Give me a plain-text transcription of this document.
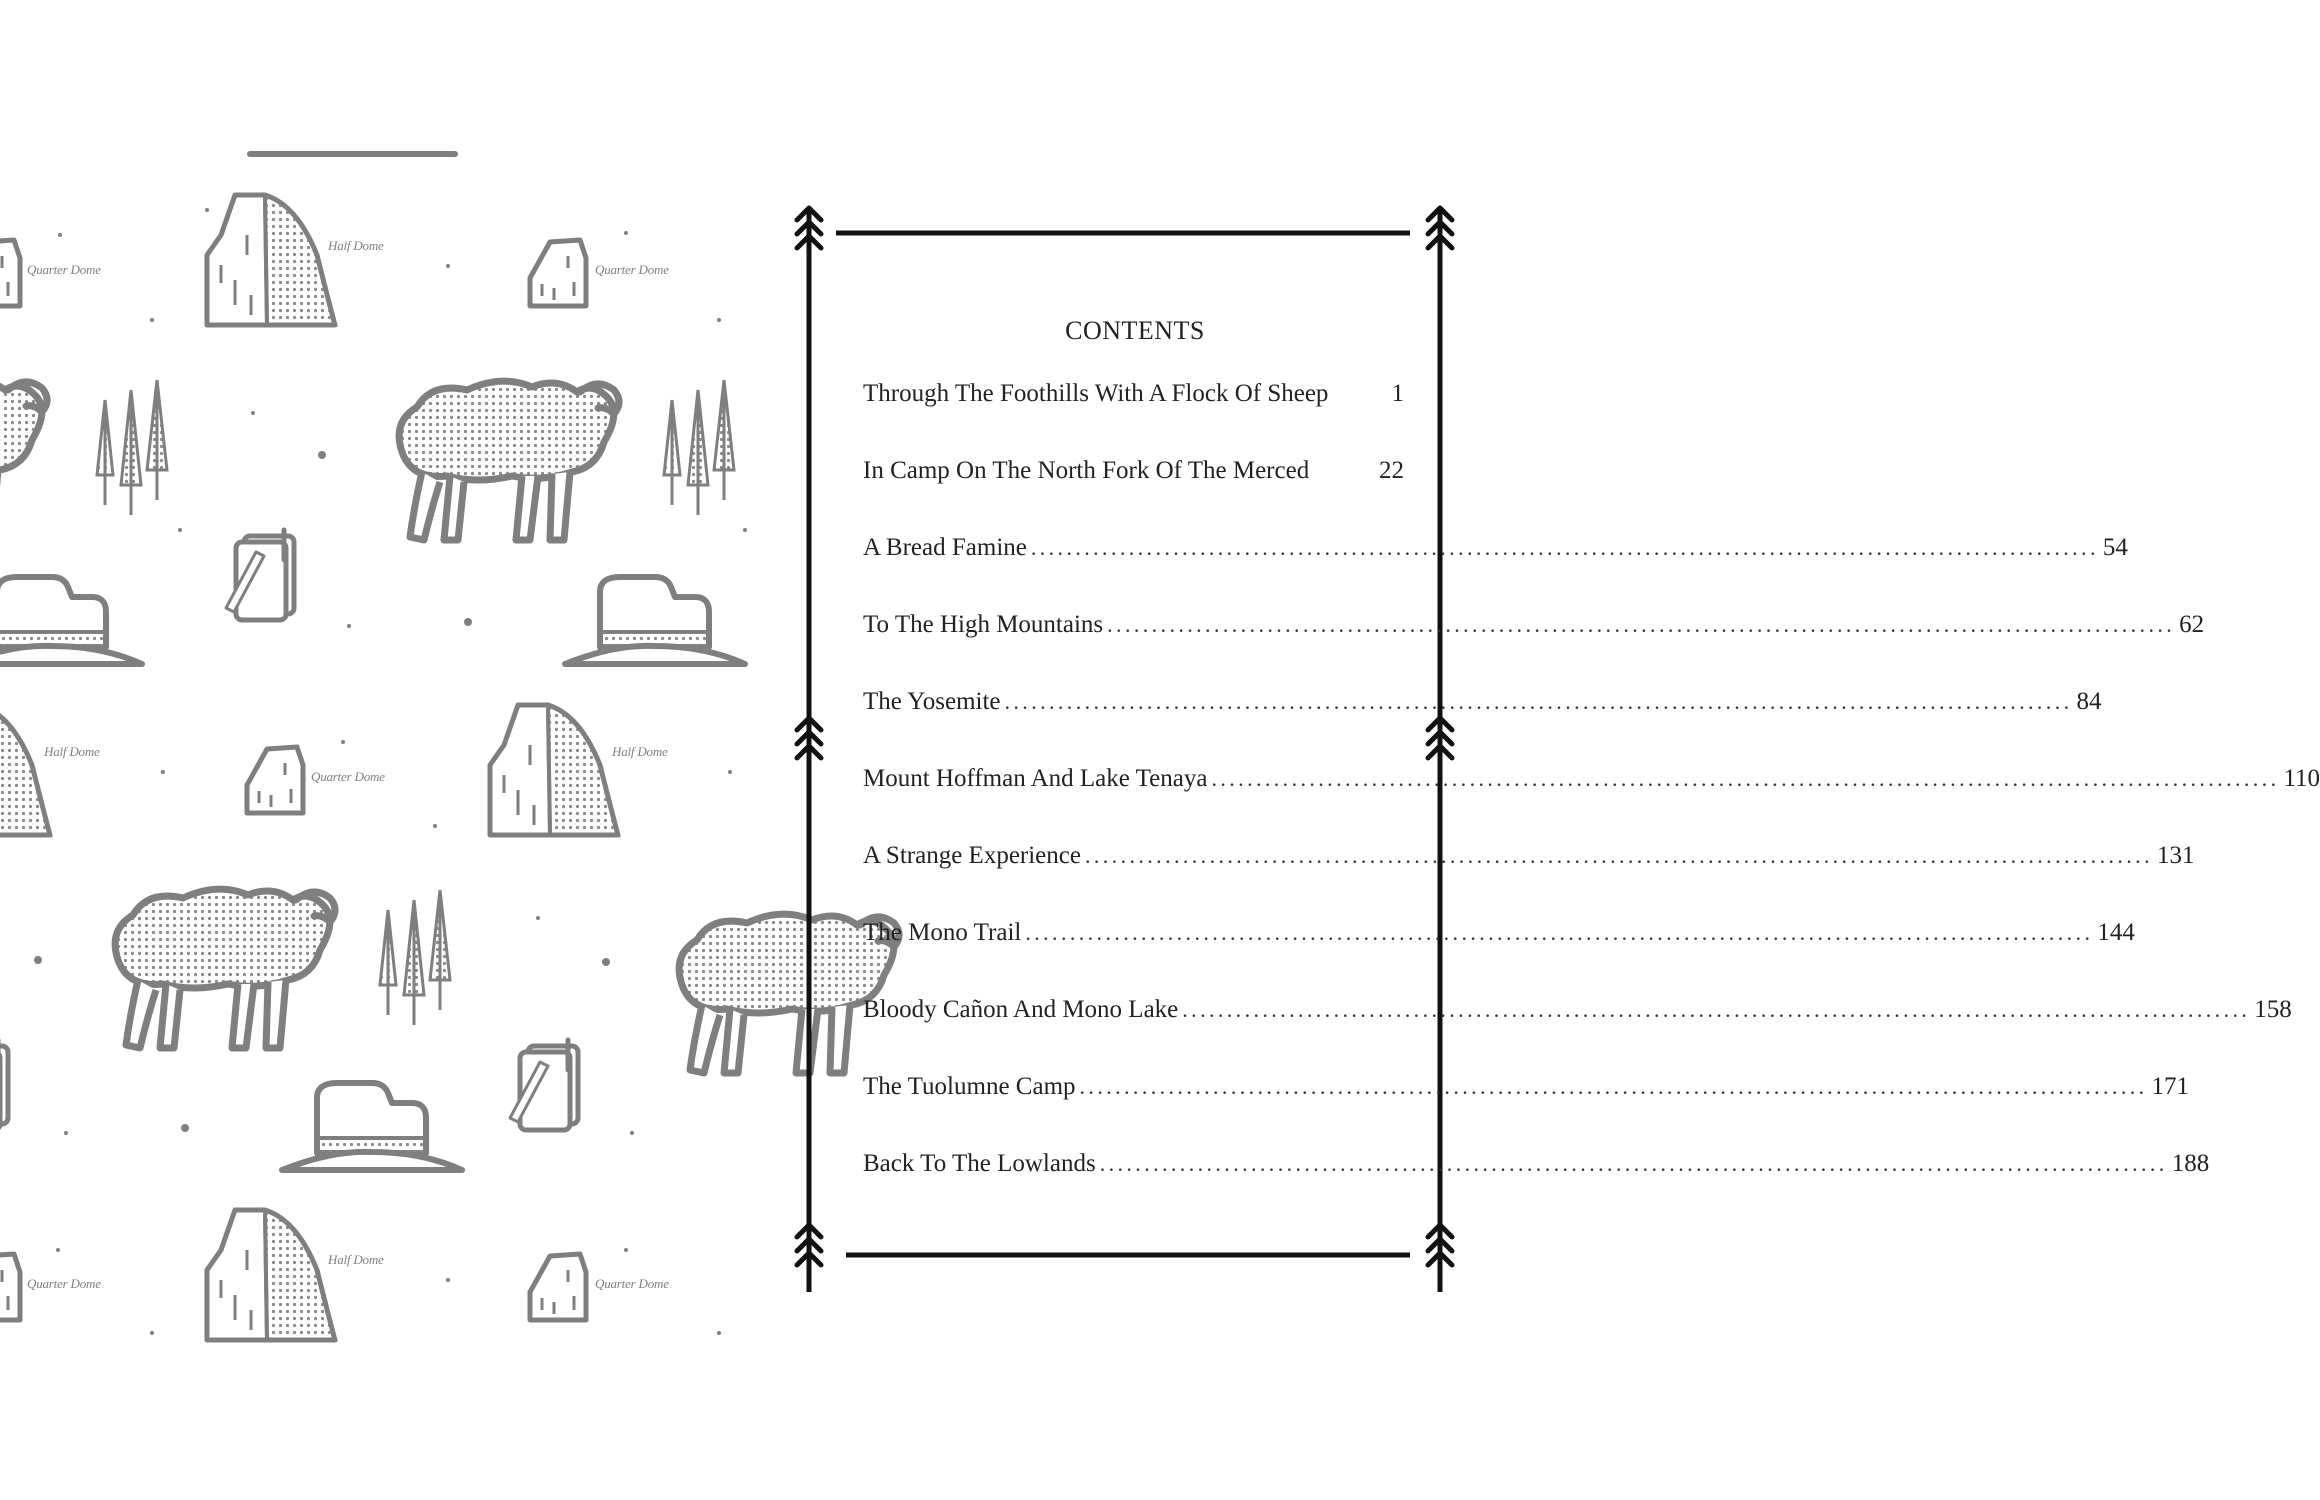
Quarter Dome
Half Dome
Quarter Dome
Half Dome
Quarter Dome
Half Dome
Quarter Dome
Half Dome
Quarter Dome
CONTENTS
Through The Foothills With A Flock Of Sheep	1
In Camp On The North Fork Of The Merced	22
A Bread Famine ........................................................................................................................ 54
To The High Mountains ........................................................................................................................ 62
The Yosemite ........................................................................................................................ 84
Mount Hoffman And Lake Tenaya ........................................................................................................................ 110
A Strange Experience ........................................................................................................................ 131
The Mono Trail ........................................................................................................................ 144
Bloody Cañon And Mono Lake ........................................................................................................................ 158
The Tuolumne Camp ........................................................................................................................ 171
Back To The Lowlands ........................................................................................................................ 188
